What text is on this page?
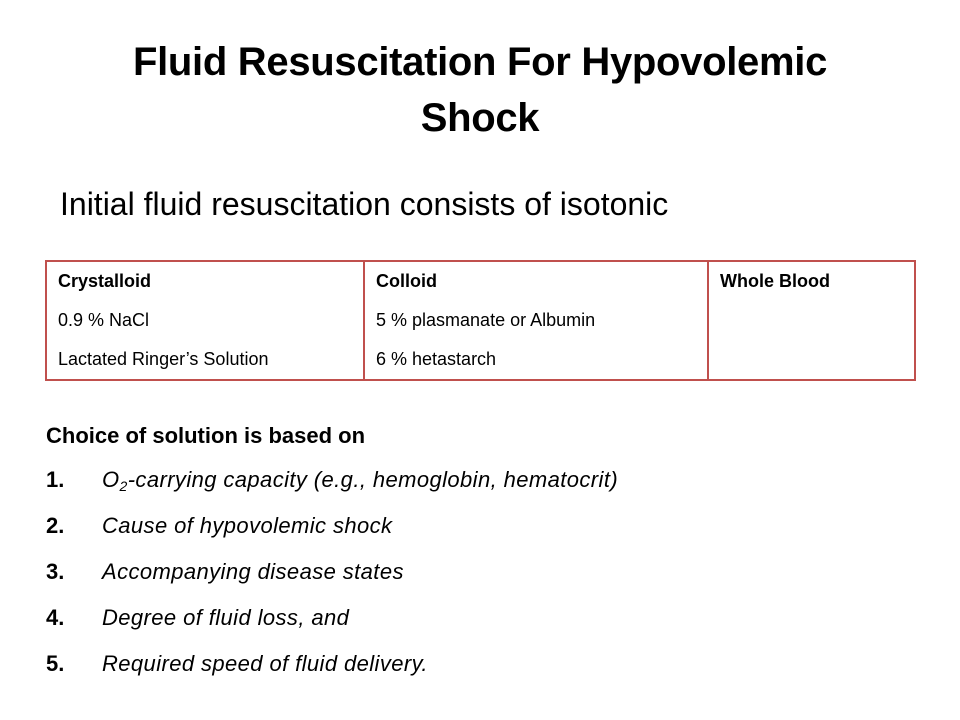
Fluid Resuscitation For Hypovolemic
Shock
Initial fluid resuscitation consists of isotonic
Crystalloid	Colloid	Whole Blood
0.9 % NaCl	5 % plasmanate or Albumin	
Lactated Ringer’s Solution	6 % hetastarch	
Choice of solution is based on
1. $O_2$-carrying capacity (e.g., hemoglobin, hematocrit)
2. Cause of hypovolemic shock
3. Accompanying disease states
4. Degree of fluid loss, and
5. Required speed of fluid delivery.
